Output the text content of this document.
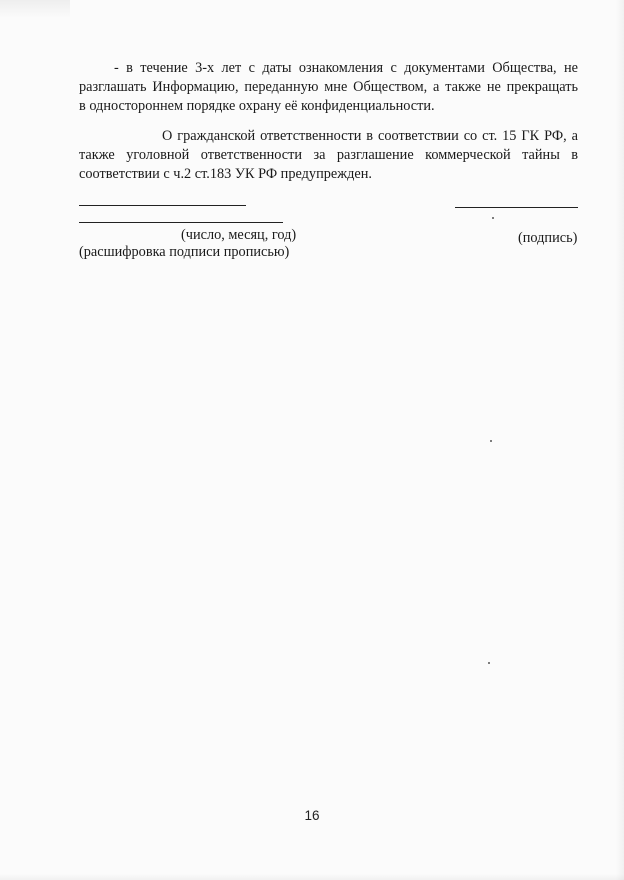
- в течение 3-х лет с даты ознакомления с документами Общества, не
разглашать Информацию, переданную мне Обществом, а также не прекращать
в одностороннем порядке охрану её конфиденциальности.
О гражданской ответственности в соответствии со ст. 15 ГК РФ, а
также уголовной ответственности за разглашение коммерческой тайны в
соответствии с ч.2 ст.183 УК РФ предупрежден.
(число, месяц, год)
(расшифровка подписи прописью)
(подпись)
16
